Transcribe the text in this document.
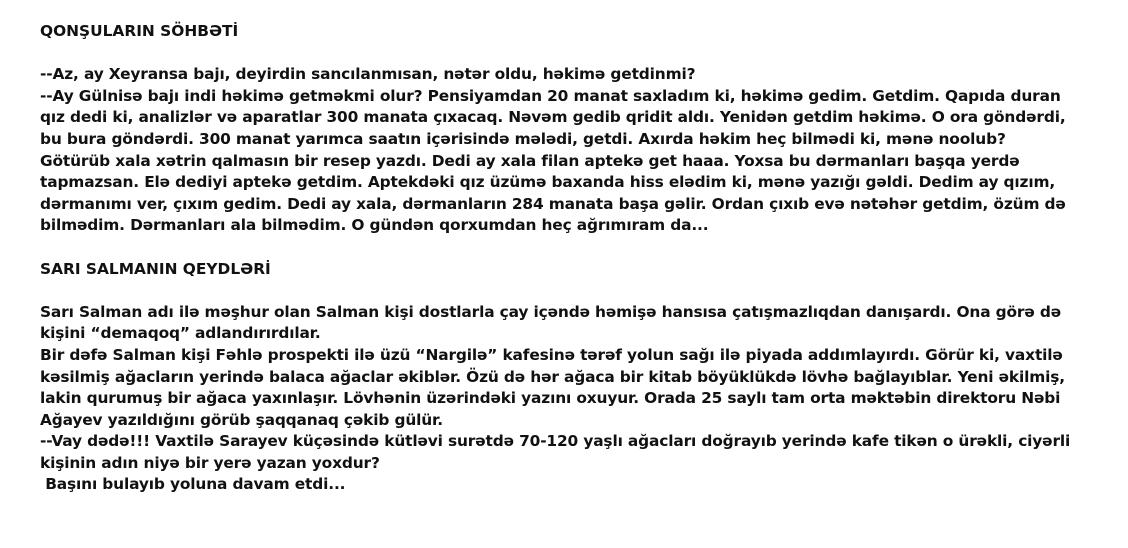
QONŞULARIN SÖHBƏTİ

--Az, ay Xeyransa bajı, deyirdin sancılanmısan, nətər oldu, həkimə getdinmi?

--Ay Gülnisə bajı indi həkimə getməkmi olur? Pensiyamdan 20 manat saxladım ki, həkimə gedim. Getdim. Qapıda duran qız dedi ki, analizlər və aparatlar 300 manata çıxacaq. Nəvəm gedib qridit aldı. Yenidən getdim həkimə. O ora göndərdi, bu bura göndərdi. 300 manat yarımca saatın içərisində mələdi, getdi. Axırda həkim heç bilmədi ki, mənə noolub? Götürüb xala xətrin qalmasın bir resep yazdı. Dedi ay xala filan aptekə get haaa. Yoxsa bu dərmanları başqa yerdə tapmazsan. Elə dediyi aptekə getdim. Aptekdəki qız üzümə baxanda hiss elədim ki, mənə yazığı gəldi. Dedim ay qızım, dərmanımı ver, çıxım gedim. Dedi ay xala, dərmanların 284 manata başa gəlir. Ordan çıxıb evə nətəhər getdim, özüm də bilmədim. Dərmanları ala bilmədim. O gündən qorxumdan heç ağrımıram da...

SARI SALMANIN QEYDLƏRİ

Sarı Salman adı ilə məşhur olan Salman kişi dostlarla çay içəndə həmişə hansısa çatışmazlıqdan danışardı. Ona görə də kişini “demaqoq” adlandırırdılar.

Bir dəfə Salman kişi Fəhlə prospekti ilə üzü “Nargilə” kafesinə tərəf yolun sağı ilə piyada addımlayırdı. Görür ki, vaxtilə kəsilmiş ağacların yerində balaca ağaclar əkiblər. Özü də hər ağaca bir kitab böyüklükdə lövhə bağlayıblar. Yeni əkilmiş, lakin qurumuş bir ağaca yaxınlaşır. Lövhənin üzərindəki yazını oxuyur. Orada 25 saylı tam orta məktəbin direktoru Nəbi Ağayev yazıldığını görüb şaqqanaq çəkib gülür.

--Vay dədə!!! Vaxtilə Sarayev küçəsində kütləvi surətdə 70-120 yaşlı ağacları doğrayıb yerində kafe tikən o ürəkli, ciyərli kişinin adın niyə bir yerə yazan yoxdur?

Başını bulayıb yoluna davam etdi...
